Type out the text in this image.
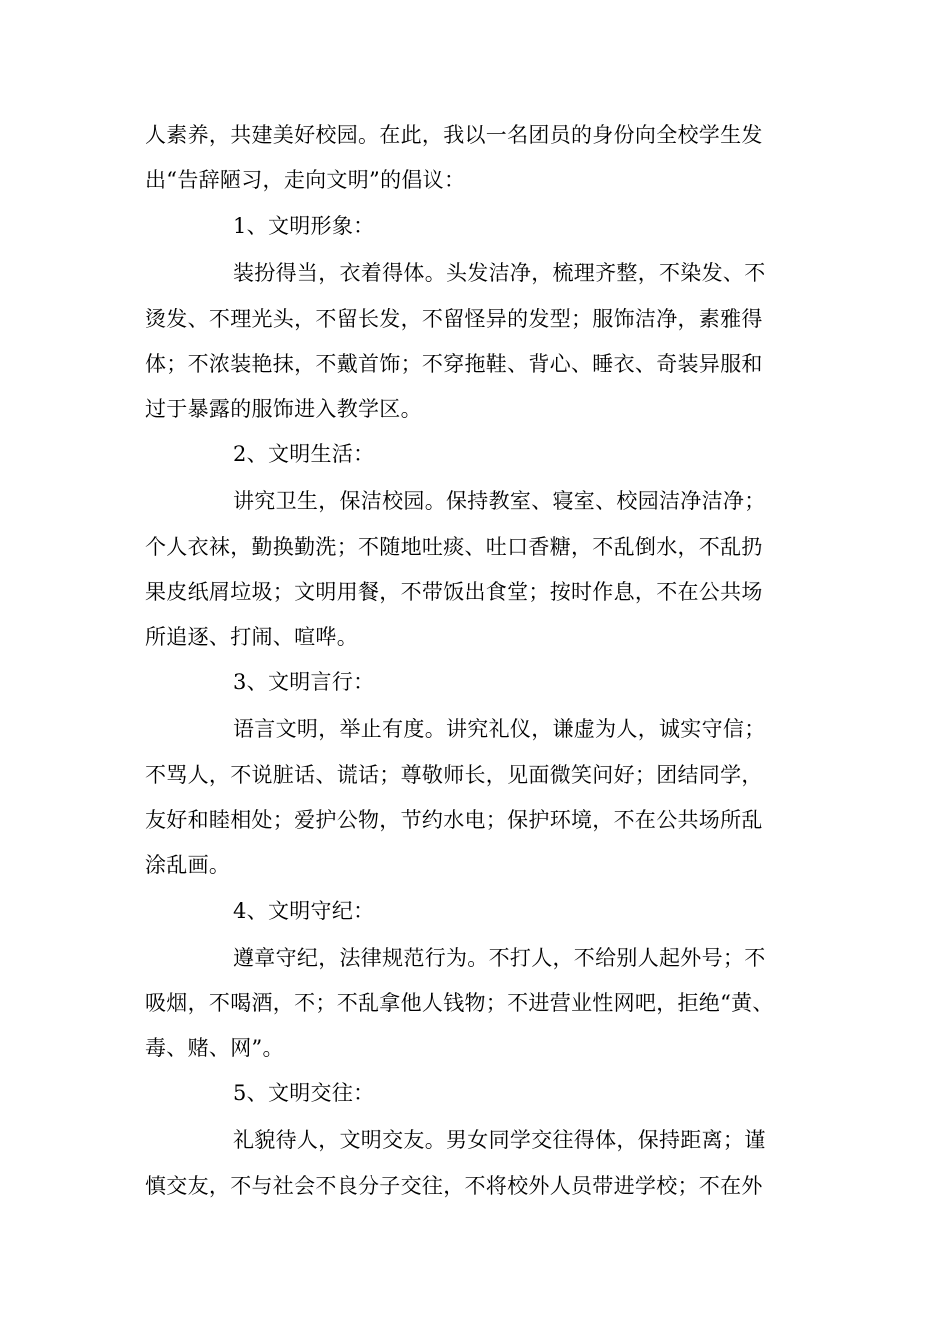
人素养，共建美好校园。在此，我以一名团员的身份向全校学生发
出“告辞陋习，走向文明”的倡议：
1、文明形象：
装扮得当，衣着得体。头发洁净，梳理齐整，不染发、不
烫发、不理光头，不留长发，不留怪异的发型；服饰洁净，素雅得
体；不浓装艳抹，不戴首饰；不穿拖鞋、背心、睡衣、奇装异服和
过于暴露的服饰进入教学区。
2、文明生活：
讲究卫生，保洁校园。保持教室、寝室、校园洁净洁净；
个人衣袜，勤换勤洗；不随地吐痰、吐口香糖，不乱倒水，不乱扔
果皮纸屑垃圾；文明用餐，不带饭出食堂；按时作息，不在公共场
所追逐、打闹、喧哗。
3、文明言行：
语言文明，举止有度。讲究礼仪，谦虚为人，诚实守信；
不骂人，不说脏话、谎话；尊敬师长，见面微笑问好；团结同学，
友好和睦相处；爱护公物，节约水电；保护环境，不在公共场所乱
涂乱画。
4、文明守纪：
遵章守纪，法律规范行为。不打人，不给别人起外号；不
吸烟，不喝酒，不；不乱拿他人钱物；不进营业性网吧，拒绝“黄、
毒、赌、网”。
5、文明交往：
礼貌待人，文明交友。男女同学交往得体，保持距离；谨
慎交友，不与社会不良分子交往，不将校外人员带进学校；不在外
